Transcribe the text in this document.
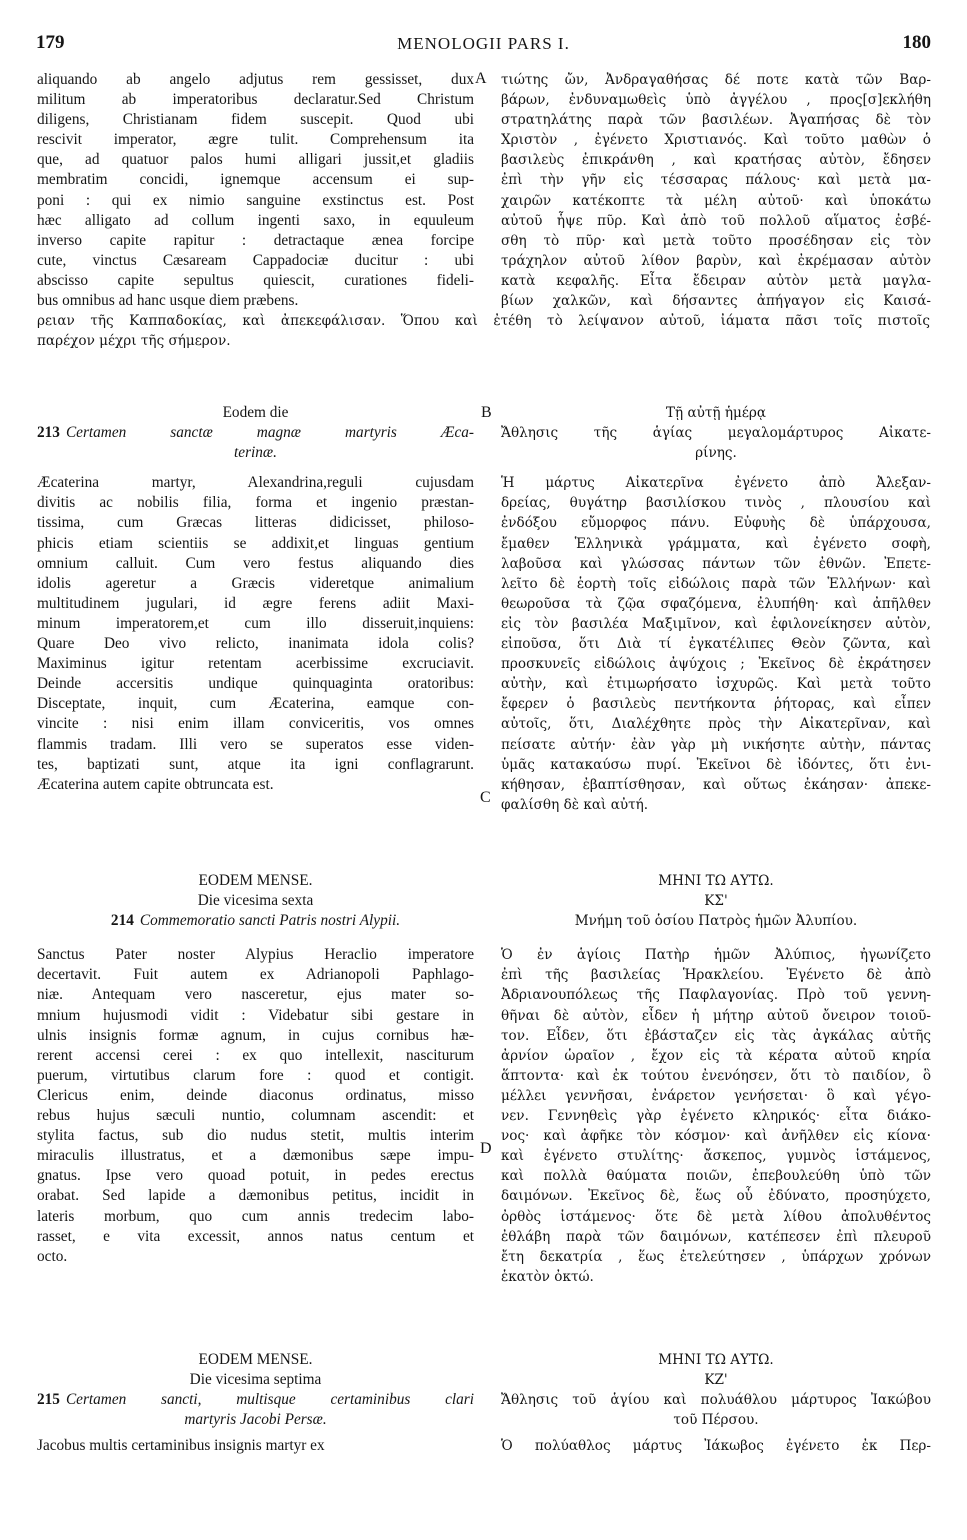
179	MENOLOGII PARS I.	180
A
B
C
D
aliquando ab angelo adjutus rem gessisset, dux
militum ab imperatoribus declaratur.Sed Christum
diligens, Christianam fidem suscepit. Quod ubi
rescivit imperator, ægre tulit. Comprehensum ita
que, ad quatuor palos humi alligari jussit,et gladiis
membratim concidi, ignemque accensum ei sup-
poni : qui ex nimio sanguine exstinctus est. Post
hæc alligato ad collum ingenti saxo, in equuleum
inverso capite rapitur : detractaque ænea forcipe
cute, vinctus Cæsaream Cappadociæ ducitur : ubi
abscisso capite sepultus quiescit, curationes fideli-
bus omnibus ad hanc usque diem præbens.
τιώτης ὤν, Ἀνδραγαθήσας δέ ποτε κατὰ τῶν Βαρ-
βάρων, ἐνδυναμωθεὶς ὑπὸ ἀγγέλου , προς[σ]εκλήθη
στρατηλάτης παρὰ τῶν βασιλέων. Ἀγαπήσας δὲ τὸν
Χριστὸν , ἐγένετο Χριστιανός. Καὶ τοῦτο μαθὼν ὁ
βασιλεὺς ἐπικράνθη , καὶ κρατήσας αὐτὸν, ἔδησεν
ἐπὶ τὴν γῆν εἰς τέσσαρας πάλους· καὶ μετὰ μα-
χαιρῶν κατέκοπτε τὰ μέλη αὐτοῦ· καὶ ὑποκάτω
αὐτοῦ ἧψε πῦρ. Καὶ ἀπὸ τοῦ πολλοῦ αἵματος ἐσβέ-
σθη τὸ πῦρ· καὶ μετὰ τοῦτο προσέδησαν εἰς τὸν
τράχηλον αὐτοῦ λίθον βαρὺν, καὶ ἐκρέμασαν αὐτὸν
κατὰ κεφαλῆς. Εἶτα ἔδειραν αὐτὸν μετὰ μαγλα-
βίων χαλκῶν, καὶ δήσαντες ἀπήγαγον εἰς Καισά-
ρειαν τῆς Καππαδοκίας, καὶ ἀπεκεφάλισαν. Ὅπου καὶ ἐτέθη τὸ λείψανον αὐτοῦ, ἰάματα πᾶσι τοῖς πιστοῖς
παρέχον μέχρι τῆς σήμερον.
Eodem die
213 Certamen sanctæ magnæ martyris Æca-
terinæ.
Æcaterina martyr, Alexandrina,reguli cujusdam
divitis ac nobilis filia, forma et ingenio præstan-
tissima, cum Græcas litteras didicisset, philoso-
phicis etiam scientiis se addixit,et linguas gentium
omnium calluit. Cum vero festus aliquando dies
idolis ageretur a Græcis videretque animalium
multitudinem jugulari, id ægre ferens adiit Maxi-
minum imperatorem,et cum illo disseruit,inquiens:
Quare Deo vivo relicto, inanimata idola colis?
Maximinus igitur retentam acerbissime excruciavit.
Deinde accersitis undique quinquaginta oratoribus:
Disceptate, inquit, cum Æcaterina, eamque con-
vincite : nisi enim illam conviceritis, vos omnes
flammis tradam. Illi vero se superatos esse viden-
tes, baptizati sunt, atque ita igni conflagrarunt.
Æcaterina autem capite obtruncata est.
Τῇ αὐτῇ ἡμέρᾳ
Ἄθλησις τῆς ἁγίας μεγαλομάρτυρος Αἰκατε-
ρίνης.
Ἡ μάρτυς Αἰκατερῖνα ἐγένετο ἀπὸ Ἀλεξαν-
δρείας, θυγάτηρ βασιλίσκου τινὸς , πλουσίου καὶ
ἐνδόξου εὔμορφος πάνυ. Εὐφυὴς δὲ ὑπάρχουσα,
ἔμαθεν Ἑλληνικὰ γράμματα, καὶ ἐγένετο σοφὴ,
λαβοῦσα καὶ γλώσσας πάντων τῶν ἐθνῶν. Ἐπετε-
λεῖτο δὲ ἑορτὴ τοῖς εἰδώλοις παρὰ τῶν Ἑλλήνων· καὶ
θεωροῦσα τὰ ζῷα σφαζόμενα, ἐλυπήθη· καὶ ἀπῆλθεν
εἰς τὸν βασιλέα Μαξιμῖνον, καὶ ἐφιλονείκησεν αὐτὸν,
εἰποῦσα, ὅτι Διὰ τί ἐγκατέλιπες Θεὸν ζῶντα, καὶ
προσκυνεῖς εἰδώλοις ἀψύχοις ; Ἐκεῖνος δὲ ἐκράτησεν
αὐτὴν, καὶ ἐτιμωρήσατο ἰσχυρῶς. Καὶ μετὰ τοῦτο
ἔφερεν ὁ βασιλεὺς πεντήκοντα ῥήτορας, καὶ εἶπεν
αὐτοῖς, ὅτι, Διαλέχθητε πρὸς τὴν Αἰκατερῖναν, καὶ
πείσατε αὐτήν· ἐὰν γὰρ μὴ νικήσητε αὐτὴν, πάντας
ὑμᾶς κατακαύσω πυρί. Ἐκεῖνοι δὲ ἰδόντες, ὅτι ἐνι-
κήθησαν, ἐβαπτίσθησαν, καὶ οὕτως ἐκάησαν· ἀπεκε-
φαλίσθη δὲ καὶ αὐτή.
EODEM MENSE.
Die vicesima sexta
214 Commemoratio sancti Patris nostri Alypii.
Sanctus Pater noster Alypius Heraclio imperatore
decertavit. Fuit autem ex Adrianopoli Paphlago-
niæ. Antequam vero nasceretur, ejus mater so-
mnium hujusmodi vidit : Videbatur sibi gestare in
ulnis insignis formæ agnum, in cujus cornibus hæ-
rerent accensi cerei : ex quo intellexit, nasciturum
puerum, virtutibus clarum fore : quod et contigit.
Clericus enim, deinde diaconus ordinatus, misso
rebus hujus sæculi nuntio, columnam ascendit: et
stylita factus, sub dio nudus stetit, multis interim
miraculis illustratus, et a dæmonibus sæpe impu-
gnatus. Ipse vero quoad potuit, in pedes erectus
orabat. Sed lapide a dæmonibus petitus, incidit in
lateris morbum, quo cum annis tredecim labo-
rasset, e vita excessit, annos natus centum et
octo.
ΜΗΝΙ ΤΩ ΑΥΤΩ.
ΚΣ'
Μνήμη τοῦ ὁσίου Πατρὸς ἡμῶν Ἀλυπίου.
Ὁ ἐν ἁγίοις Πατὴρ ἡμῶν Ἀλύπιος, ἠγωνίζετο
ἐπὶ τῆς βασιλείας Ἡρακλείου. Ἐγένετο δὲ ἀπὸ
Ἀδριανουπόλεως τῆς Παφλαγονίας. Πρὸ τοῦ γεννη-
θῆναι δὲ αὐτὸν, εἶδεν ἡ μήτηρ αὐτοῦ ὄνειρον τοιοῦ-
τον. Εἶδεν, ὅτι ἐβάσταζεν εἰς τὰς ἀγκάλας αὐτῆς
ἀρνίον ὡραῖον , ἔχον εἰς τὰ κέρατα αὐτοῦ κηρία
ἅπτοντα· καὶ ἐκ τούτου ἐνενόησεν, ὅτι τὸ παιδίον, ὃ
μέλλει γεννῆσαι, ἐνάρετον γενήσεται· ὃ καὶ γέγο-
νεν. Γεννηθεὶς γὰρ ἐγένετο κληρικός· εἶτα διάκο-
νος· καὶ ἀφῆκε τὸν κόσμον· καὶ ἀνῆλθεν εἰς κίονα·
καὶ ἐγένετο στυλίτης· ἄσκεπος, γυμνὸς ἱστάμενος,
καὶ πολλὰ θαύματα ποιῶν, ἐπεβουλεύθη ὑπὸ τῶν
δαιμόνων. Ἐκεῖνος δὲ, ἕως οὗ ἐδύνατο, προσηύχετο,
ὀρθὸς ἱστάμενος· ὅτε δὲ μετὰ λίθου ἀπολυθέντος
ἐθλάβη παρὰ τῶν δαιμόνων, κατέπεσεν ἐπὶ πλευροῦ
ἔτη δεκατρία , ἕως ἐτελεύτησεν , ὑπάρχων χρόνων
ἑκατὸν ὀκτώ.
EODEM MENSE.
Die vicesima septima
215 Certamen sancti, multisque certaminibus clari
martyris Jacobi Persæ.
Jacobus multis certaminibus insignis martyr ex
ΜΗΝΙ ΤΩ ΑΥΤΩ.
ΚΖ'
Ἄθλησις τοῦ ἁγίου καὶ πολυάθλου μάρτυρος Ἰακώβου
τοῦ Πέρσου.
Ὁ πολύαθλος μάρτυς Ἰάκωβος ἐγένετο ἐκ Περ-
